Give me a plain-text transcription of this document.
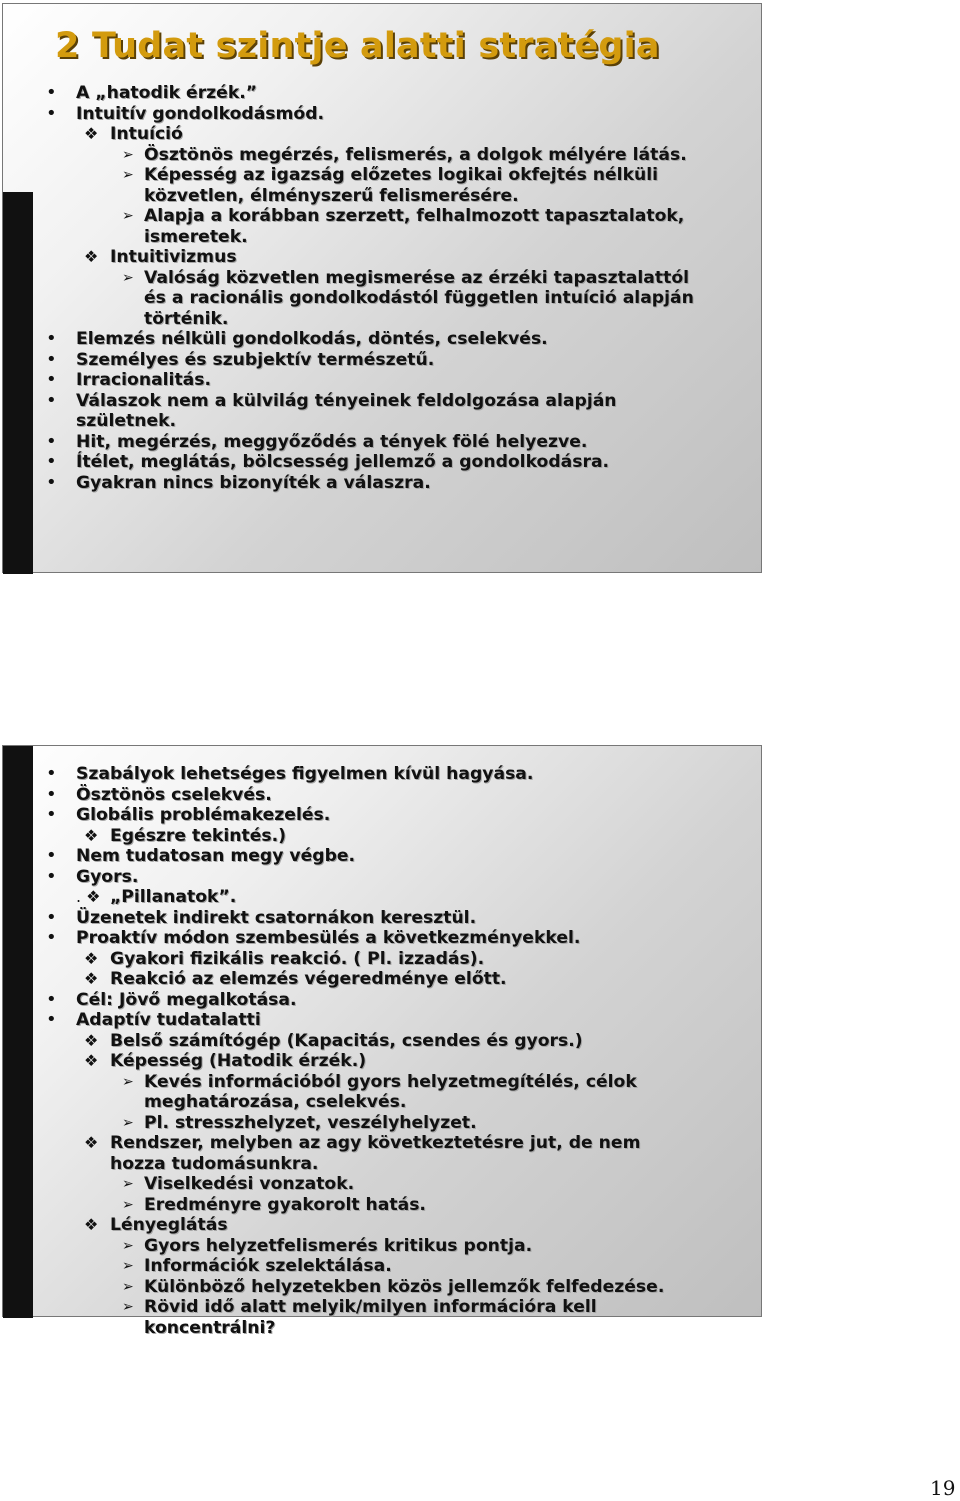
2 Tudat szintje alatti stratégia
• A „hatodik érzék.”
• Intuitív gondolkodásmód.
❖ Intuíció
➢ Ösztönös megérzés, felismerés, a dolgok mélyére látás.
➢ Képesség az igazság előzetes logikai okfejtés nélküli
közvetlen, élményszerű felismerésére.
➢ Alapja a korábban szerzett, felhalmozott tapasztalatok,
ismeretek.
❖ Intuitivizmus
➢ Valóság közvetlen megismerése az érzéki tapasztalattól
és a racionális gondolkodástól független intuíció alapján
történik.
• Elemzés nélküli gondolkodás, döntés, cselekvés.
• Személyes és szubjektív természetű.
• Irracionalitás.
• Válaszok nem a külvilág tényeinek feldolgozása alapján
születnek.
• Hit, megérzés, meggyőződés a tények fölé helyezve.
• Ítélet, meglátás, bölcsesség jellemző a gondolkodásra.
• Gyakran nincs bizonyíték a válaszra.
• Szabályok lehetséges figyelmen kívül hagyása.
• Ösztönös cselekvés.
• Globális problémakezelés.
❖ Egészre tekintés.)
• Nem tudatosan megy végbe.
• Gyors.
. ❖ „Pillanatok”.
• Üzenetek indirekt csatornákon keresztül.
• Proaktív módon szembesülés a következményekkel.
❖ Gyakori fizikális reakció. ( Pl. izzadás).
❖ Reakció az elemzés végeredménye előtt.
• Cél: Jövő megalkotása.
• Adaptív tudatalatti
❖ Belső számítógép (Kapacitás, csendes és gyors.)
❖ Képesség (Hatodik érzék.)
➢ Kevés információból gyors helyzetmegítélés, célok
meghatározása, cselekvés.
➢ Pl. stresszhelyzet, veszélyhelyzet.
❖ Rendszer, melyben az agy következtetésre jut, de nem
hozza tudomásunkra.
➢ Viselkedési vonzatok.
➢ Eredményre gyakorolt hatás.
❖ Lényeglátás
➢ Gyors helyzetfelismerés kritikus pontja.
➢ Információk szelektálása.
➢ Különböző helyzetekben közös jellemzők felfedezése.
➢ Rövid idő alatt melyik/milyen információra kell
koncentrálni?
19
